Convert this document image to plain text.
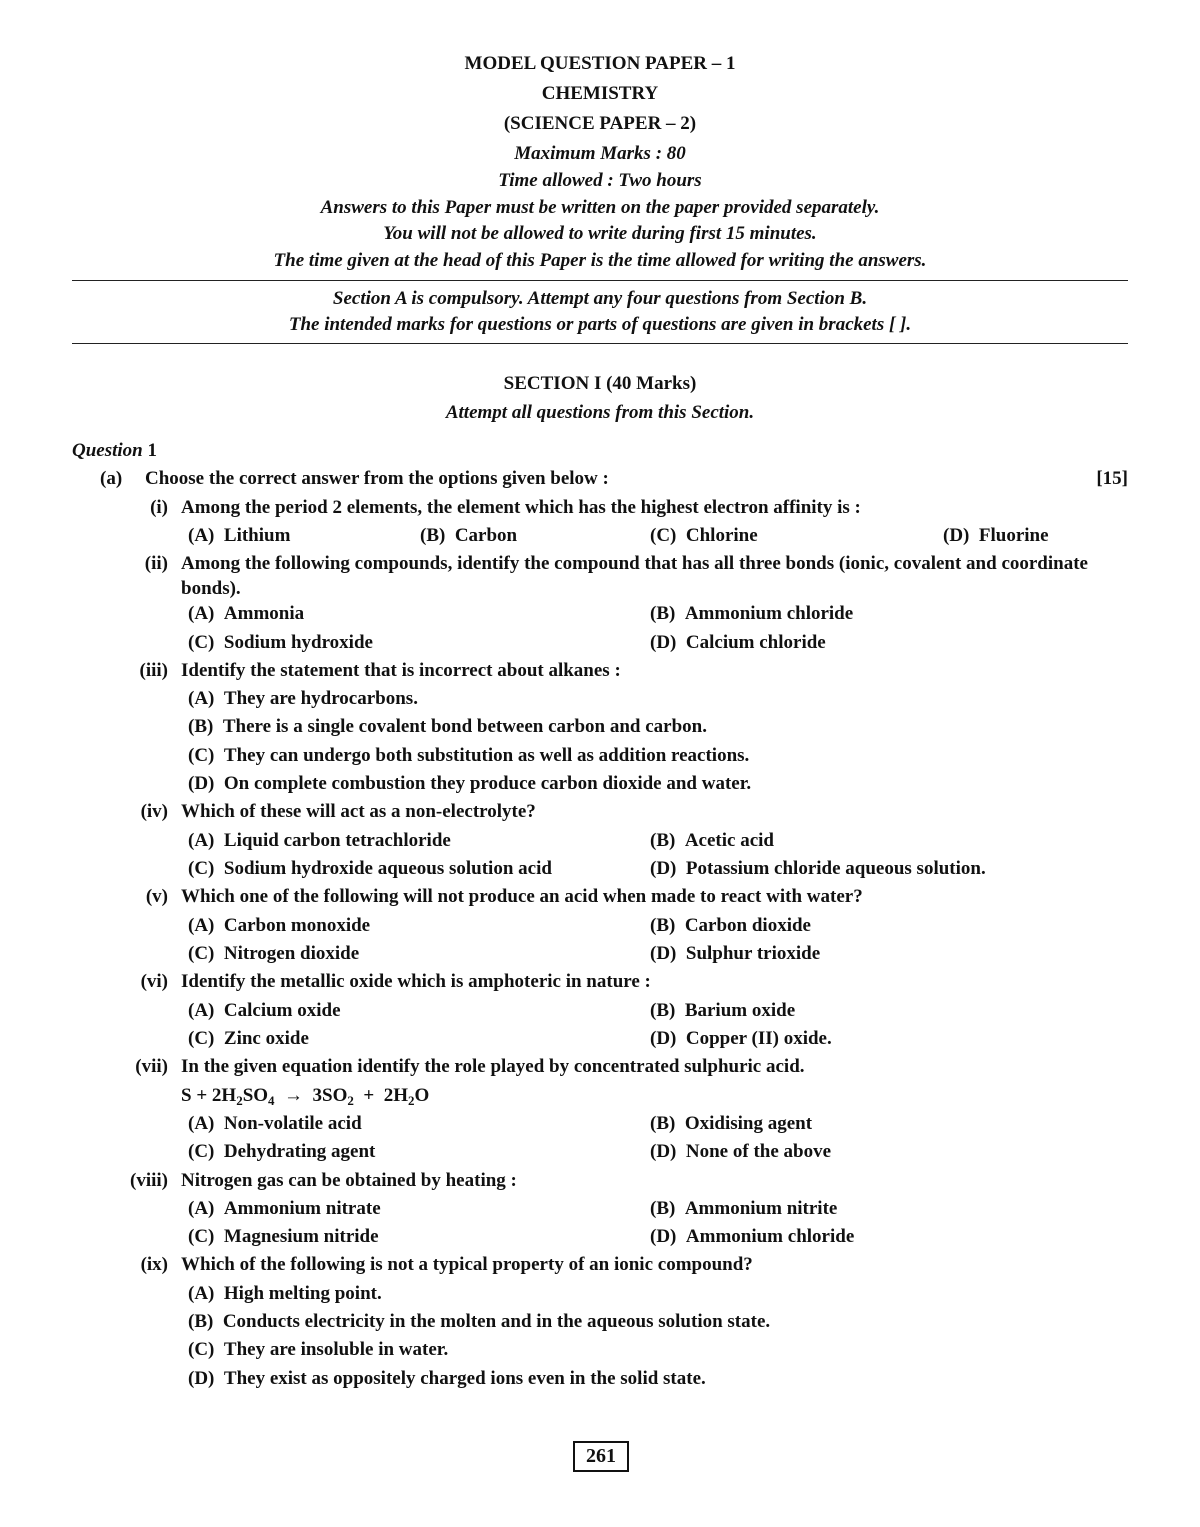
MODEL QUESTION PAPER – 1
CHEMISTRY
(SCIENCE PAPER – 2)
Maximum Marks : 80
Time allowed : Two hours
Answers to this Paper must be written on the paper provided separately.
You will not be allowed to write during first 15 minutes.
The time given at the head of this Paper is the time allowed for writing the answers.
Section A is compulsory. Attempt any four questions from Section B.
The intended marks for questions or parts of questions are given in brackets [ ].
SECTION I (40 Marks)
Attempt all questions from this Section.
Question 1
(a) Choose the correct answer from the options given below :	[15]
(i) Among the period 2 elements, the element which has the highest electron affinity is :
(A) Lithium	(B) Carbon	(C) Chlorine	(D) Fluorine
(ii) Among the following compounds, identify the compound that has all three bonds (ionic, covalent and coordinate bonds).
(A) Ammonia	(B) Ammonium chloride
(C) Sodium hydroxide	(D) Calcium chloride
(iii) Identify the statement that is incorrect about alkanes :
(A) They are hydrocarbons.
(B) There is a single covalent bond between carbon and carbon.
(C) They can undergo both substitution as well as addition reactions.
(D) On complete combustion they produce carbon dioxide and water.
(iv) Which of these will act as a non-electrolyte?
(A) Liquid carbon tetrachloride	(B) Acetic acid
(C) Sodium hydroxide aqueous solution acid	(D) Potassium chloride aqueous solution.
(v) Which one of the following will not produce an acid when made to react with water?
(A) Carbon monoxide	(B) Carbon dioxide
(C) Nitrogen dioxide	(D) Sulphur trioxide
(vi) Identify the metallic oxide which is amphoteric in nature :
(A) Calcium oxide	(B) Barium oxide
(C) Zinc oxide	(D) Copper (II) oxide.
(vii) In the given equation identify the role played by concentrated sulphuric acid.
$S + 2H_2SO_4 \to 3SO_2 + 2H_2O$
(A) Non-volatile acid	(B) Oxidising agent
(C) Dehydrating agent	(D) None of the above
(viii) Nitrogen gas can be obtained by heating :
(A) Ammonium nitrate	(B) Ammonium nitrite
(C) Magnesium nitride	(D) Ammonium chloride
(ix) Which of the following is not a typical property of an ionic compound?
(A) High melting point.
(B) Conducts electricity in the molten and in the aqueous solution state.
(C) They are insoluble in water.
(D) They exist as oppositely charged ions even in the solid state.
261
